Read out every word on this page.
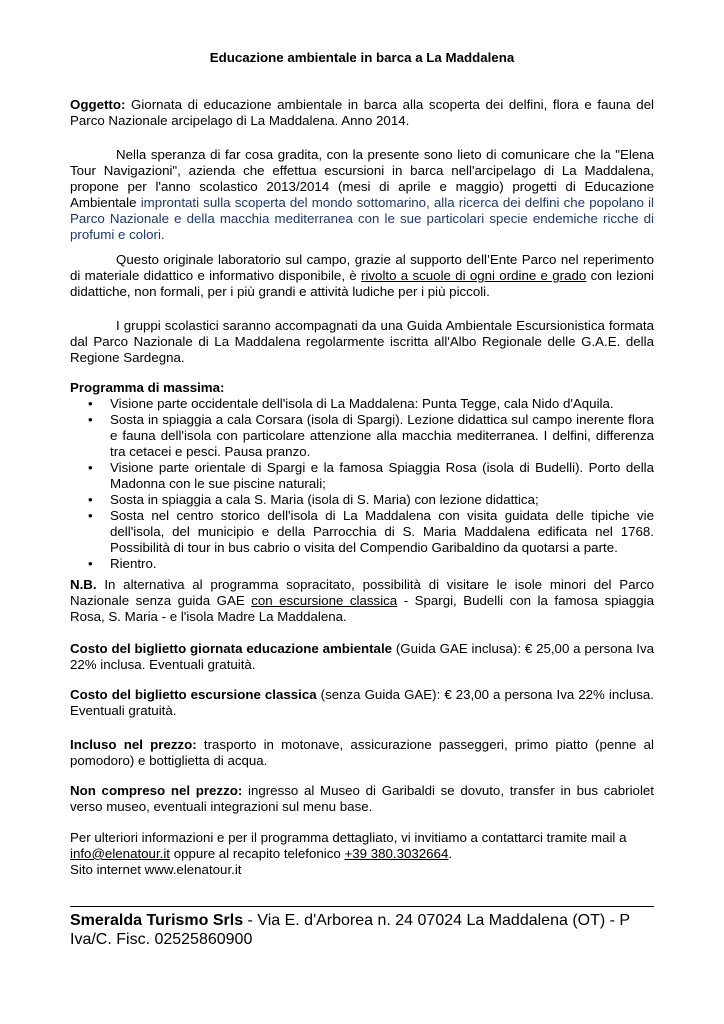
Educazione ambientale in barca a La Maddalena

Oggetto: Giornata di educazione ambientale in barca alla scoperta dei delfini, flora e fauna del Parco Nazionale arcipelago di La Maddalena. Anno 2014.

Nella speranza di far cosa gradita, con la presente sono lieto di comunicare che la "Elena Tour Navigazioni", azienda che effettua escursioni in barca nell'arcipelago di La Maddalena, propone per l'anno scolastico 2013/2014 (mesi di aprile e maggio) progetti di Educazione Ambientale improntati sulla scoperta del mondo sottomarino, alla ricerca dei delfini che popolano il Parco Nazionale e della macchia mediterranea con le sue particolari specie endemiche ricche di profumi e colori.

Questo originale laboratorio sul campo, grazie al supporto dell’Ente Parco nel reperimento di materiale didattico e informativo disponibile, è rivolto a scuole di ogni ordine e grado con lezioni didattiche, non formali, per i più grandi e attività ludiche per i più piccoli.

I gruppi scolastici saranno accompagnati da una Guida Ambientale Escursionistica formata dal Parco Nazionale di La Maddalena regolarmente iscritta all'Albo Regionale delle G.A.E. della Regione Sardegna.

Programma di massima:

• Visione parte occidentale dell'isola di La Maddalena: Punta Tegge, cala Nido d'Aquila.
• Sosta in spiaggia a cala Corsara (isola di Spargi). Lezione didattica sul campo inerente flora e fauna dell'isola con particolare attenzione alla macchia mediterranea. I delfini, differenza tra cetacei e pesci. Pausa pranzo.
• Visione parte orientale di Spargi e la famosa Spiaggia Rosa (isola di Budelli). Porto della Madonna con le sue piscine naturali;
• Sosta in spiaggia a cala S. Maria (isola di S. Maria) con lezione didattica;
• Sosta nel centro storico dell'isola di La Maddalena con visita guidata delle tipiche vie dell'isola, del municipio e della Parrocchia di S. Maria Maddalena edificata nel 1768. Possibilità di tour in bus cabrio o visita del Compendio Garibaldino da quotarsi a parte.
• Rientro.

N.B. In alternativa al programma sopracitato, possibilità di visitare le isole minori del Parco Nazionale senza guida GAE con escursione classica - Spargi, Budelli con la famosa spiaggia Rosa, S. Maria - e l'isola Madre La Maddalena.

Costo del biglietto giornata educazione ambientale (Guida GAE inclusa): € 25,00 a persona Iva 22% inclusa. Eventuali gratuità.

Costo del biglietto escursione classica (senza Guida GAE): € 23,00 a persona Iva 22% inclusa. Eventuali gratuità.

Incluso nel prezzo: trasporto in motonave, assicurazione passeggeri, primo piatto (penne al pomodoro) e bottiglietta di acqua.

Non compreso nel prezzo: ingresso al Museo di Garibaldi se dovuto, transfer in bus cabriolet verso museo, eventuali integrazioni sul menu base.

Per ulteriori informazioni e per il programma dettagliato, vi invitiamo a contattarci tramite mail a

info@elenatour.it oppure al recapito telefonico +39 380.3032664.

Sito internet www.elenatour.it

Smeralda Turismo Srls - Via E. d'Arborea n. 24 07024 La Maddalena (OT) - P Iva/C. Fisc. 02525860900
